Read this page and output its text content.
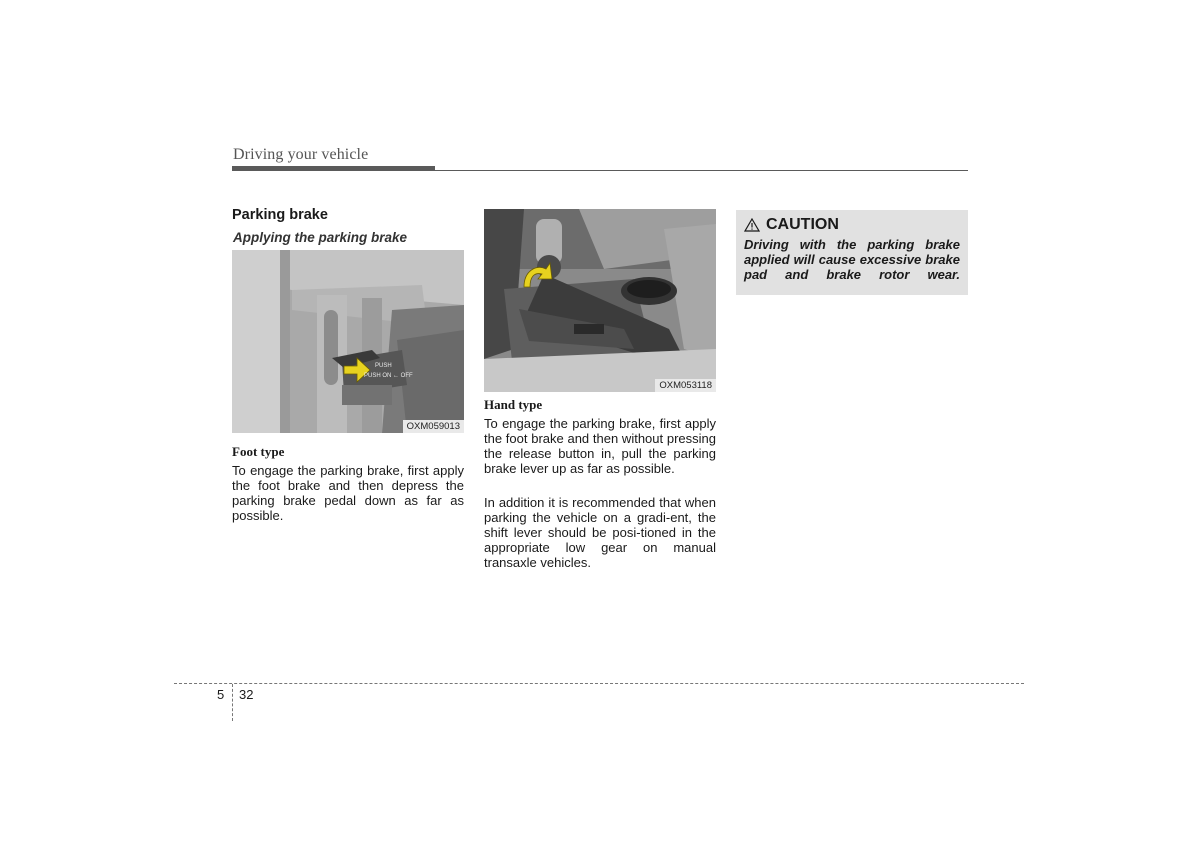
Driving your vehicle
Parking brake
Applying the parking brake
PUSH
PUSH ON ← OFF
OXM059013
Foot type
To engage the parking brake, first apply the foot brake and then depress the parking brake pedal down as far as possible.
OXM053118
Hand type
To engage the parking brake, first apply the foot brake and then without pressing the release button in, pull the parking brake lever up as far as possible.
In addition it is recommended that when parking the vehicle on a gradi-ent, the shift lever should be posi-tioned in the appropriate low gear on manual transaxle vehicles.
CAUTION
Driving with the parking brake applied will cause excessive brake pad and brake rotor wear.
5 32
